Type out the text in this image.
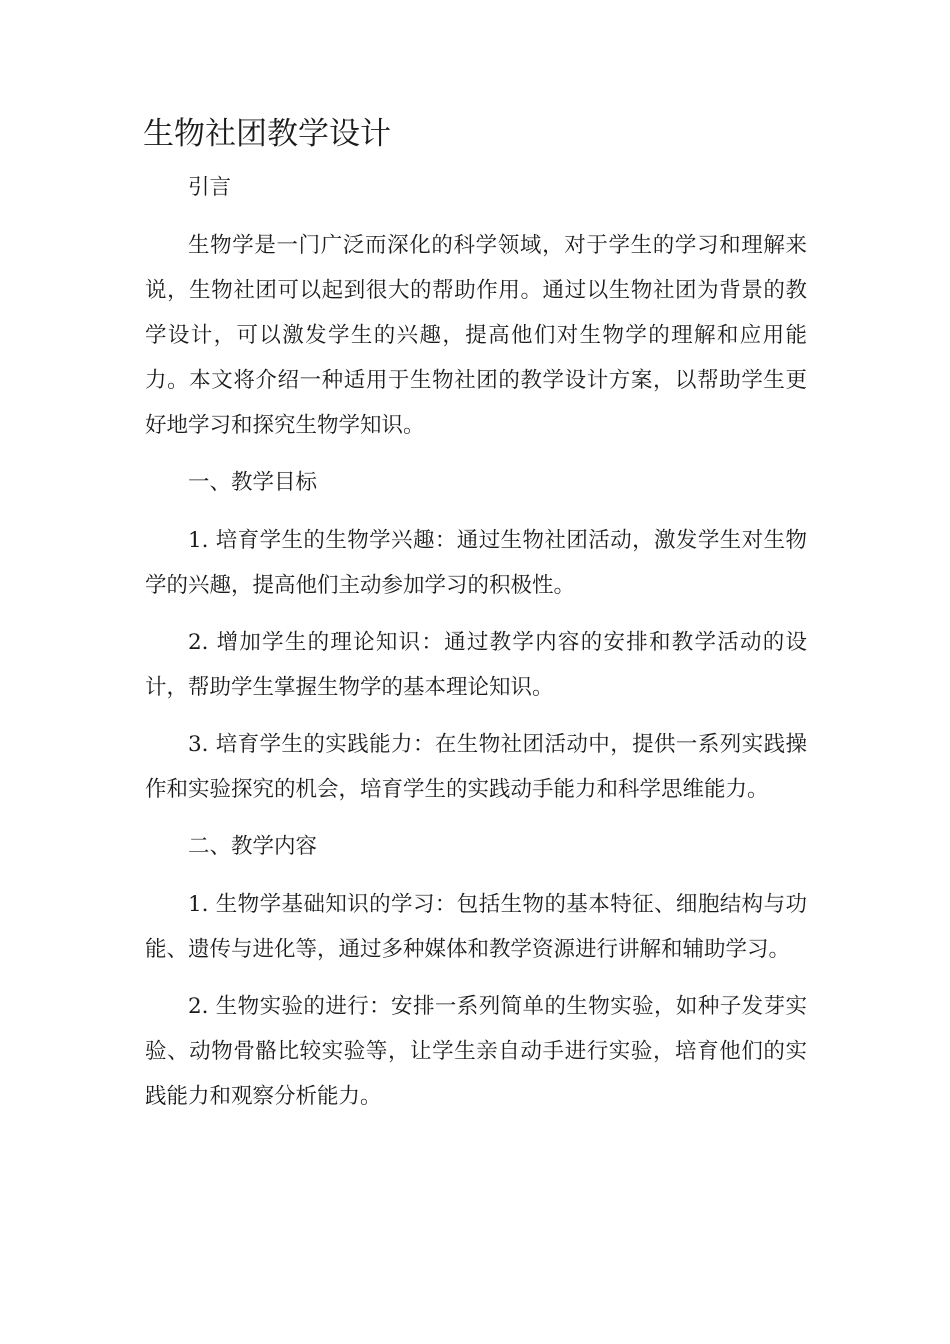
生物社团教学设计

引言

生物学是一门广泛而深化的科学领域，对于学生的学习和理解来说，生物社团可以起到很大的帮助作用。通过以生物社团为背景的教学设计，可以激发学生的兴趣，提高他们对生物学的理解和应用能力。本文将介绍一种适用于生物社团的教学设计方案，以帮助学生更好地学习和探究生物学知识。

一、教学目标

1. 培育学生的生物学兴趣：通过生物社团活动，激发学生对生物学的兴趣，提高他们主动参加学习的积极性。

2. 增加学生的理论知识：通过教学内容的安排和教学活动的设计，帮助学生掌握生物学的基本理论知识。

3. 培育学生的实践能力：在生物社团活动中，提供一系列实践操作和实验探究的机会，培育学生的实践动手能力和科学思维能力。

二、教学内容

1. 生物学基础知识的学习：包括生物的基本特征、细胞结构与功能、遗传与进化等，通过多种媒体和教学资源进行讲解和辅助学习。

2. 生物实验的进行：安排一系列简单的生物实验，如种子发芽实验、动物骨骼比较实验等，让学生亲自动手进行实验，培育他们的实践能力和观察分析能力。
